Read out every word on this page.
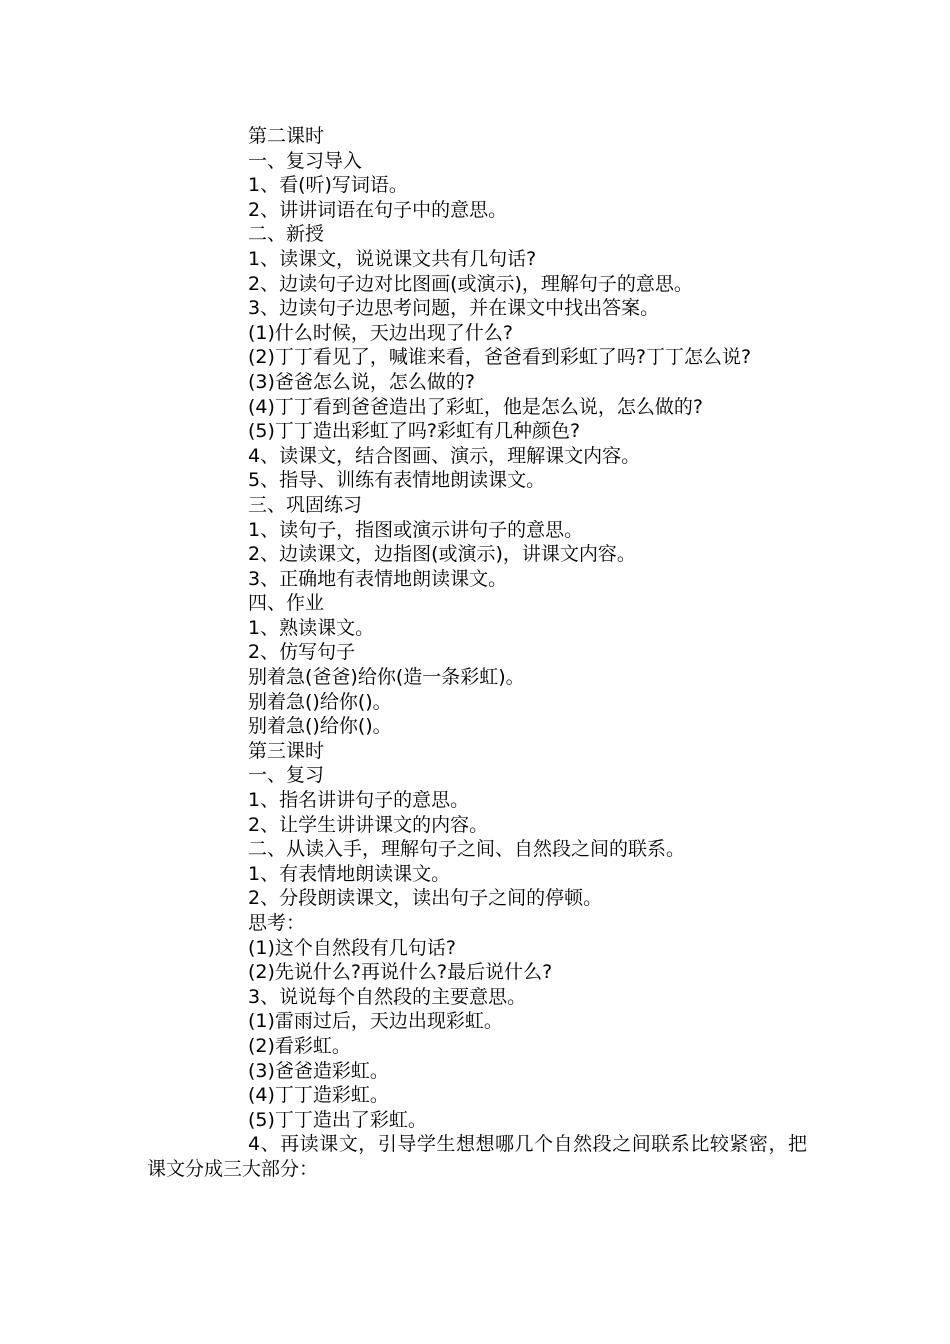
第二课时

一、复习导入

1、看(听)写词语。

2、讲讲词语在句子中的意思。

二、新授

1、读课文，说说课文共有几句话?

2、边读句子边对比图画(或演示)，理解句子的意思。

3、边读句子边思考问题，并在课文中找出答案。

(1)什么时候，天边出现了什么?

(2)丁丁看见了，喊谁来看，爸爸看到彩虹了吗?丁丁怎么说?

(3)爸爸怎么说，怎么做的?

(4)丁丁看到爸爸造出了彩虹，他是怎么说，怎么做的?

(5)丁丁造出彩虹了吗?彩虹有几种颜色?

4、读课文，结合图画、演示，理解课文内容。

5、指导、训练有表情地朗读课文。

三、巩固练习

1、读句子，指图或演示讲句子的意思。

2、边读课文，边指图(或演示)，讲课文内容。

3、正确地有表情地朗读课文。

四、作业

1、熟读课文。

2、仿写句子

别着急(爸爸)给你(造一条彩虹)。

别着急()给你()。

别着急()给你()。

第三课时

一、复习

1、指名讲讲句子的意思。

2、让学生讲讲课文的内容。

二、从读入手，理解句子之间、自然段之间的联系。

1、有表情地朗读课文。

2、分段朗读课文，读出句子之间的停顿。

思考：

(1)这个自然段有几句话?

(2)先说什么?再说什么?最后说什么?

3、说说每个自然段的主要意思。

(1)雷雨过后，天边出现彩虹。

(2)看彩虹。

(3)爸爸造彩虹。

(4)丁丁造彩虹。

(5)丁丁造出了彩虹。

4、再读课文，引导学生想想哪几个自然段之间联系比较紧密，把课文分成三大部分：
